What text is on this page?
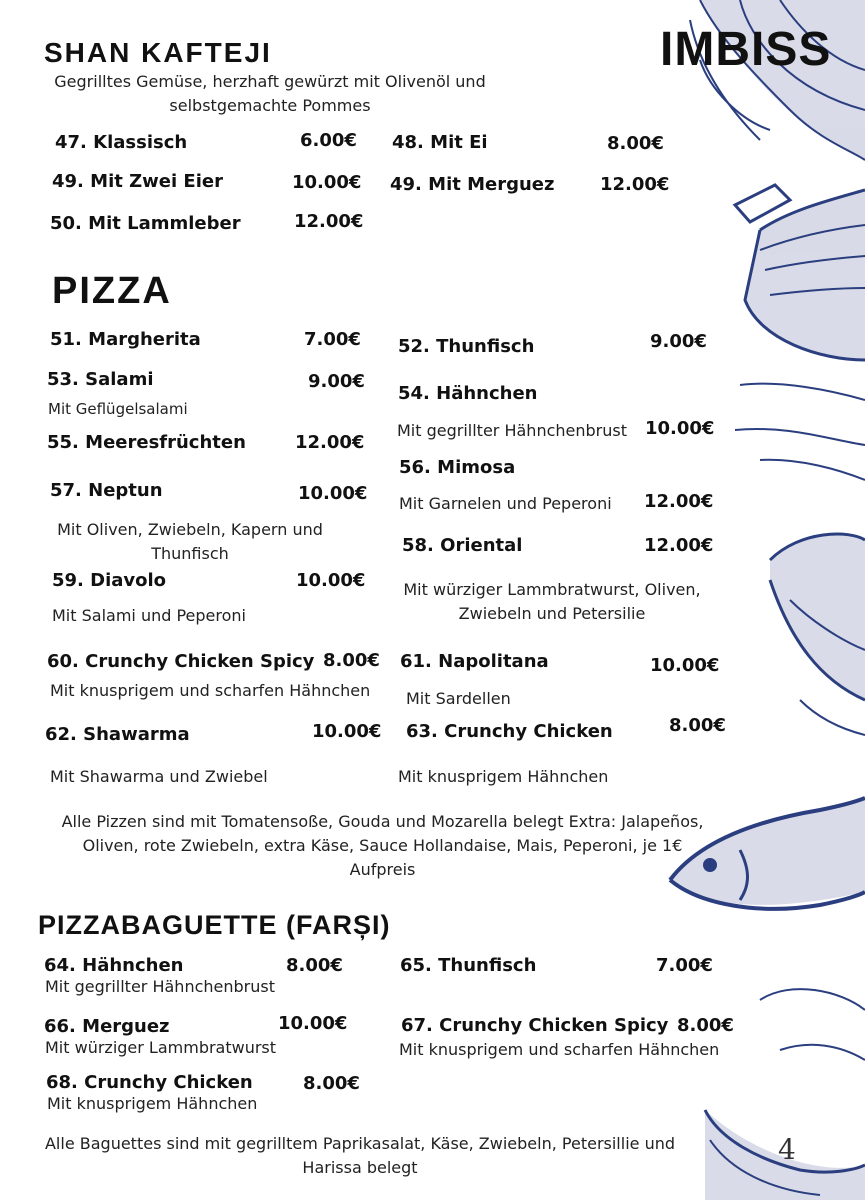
IMBISS
SHAN KAFTEJI
Gegrilltes Gemüse, herzhaft gewürzt mit Olivenöl und selbstgemachte Pommes
47. Klassisch	6.00€ 48. Mit Ei	8.00€
49. Mit Zwei Eier	10.00€ 49. Mit Merguez	12.00€
50. Mit Lammleber	12.00€
PIZZA
51. Margherita	7.00€
53. Salami	9.00€
Mit Geflügelsalami
55. Meeresfrüchten	12.00€
57. Neptun	10.00€
Mit Oliven, Zwiebeln, Kapern und Thunfisch
59. Diavolo	10.00€
Mit Salami und Peperoni
60. Crunchy Chicken Spicy 8.00€
Mit knusprigem und scharfen Hähnchen
62. Shawarma	10.00€
Mit Shawarma und Zwiebel
52. Thunfisch	9.00€
54. Hähnchen
Mit gegrillter Hähnchenbrust 10.00€
56. Mimosa
Mit Garnelen und Peperoni 12.00€
58. Oriental	12.00€
Mit würziger Lammbratwurst, Oliven, Zwiebeln und Petersilie
61. Napolitana	10.00€
Mit Sardellen
63. Crunchy Chicken	8.00€
Mit knusprigem Hähnchen
Alle Pizzen sind mit Tomatensoße, Gouda und Mozarella belegt Extra: Jalapeños, Oliven, rote Zwiebeln, extra Käse, Sauce Hollandaise, Mais, Peperoni, je 1€ Aufpreis
PIZZABAGUETTE (FARȘI)
64. Hähnchen	8.00€
Mit gegrillter Hähnchenbrust
65. Thunfisch	7.00€
66. Merguez	10.00€
Mit würziger Lammbratwurst
67. Crunchy Chicken Spicy 8.00€
Mit knusprigem und scharfen Hähnchen
68. Crunchy Chicken	8.00€
Mit knusprigem Hähnchen
Alle Baguettes sind mit gegrilltem Paprikasalat, Käse, Zwiebeln, Petersillie und Harissa belegt
4
